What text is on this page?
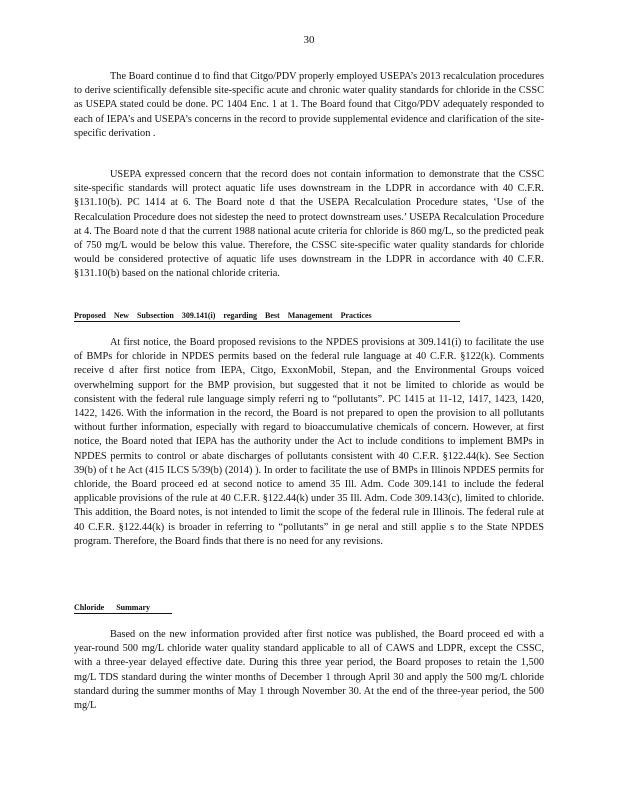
30

The Board continue d to find that Citgo/PDV properly employed USEPA’s 2013 recalculation procedures to derive scientifically defensible site-specific acute and chronic water quality standards for chloride in the CSSC as USEPA stated could be done. PC 1404 Enc. 1 at 1. The Board found that Citgo/PDV adequately responded to each of IEPA’s and USEPA’s concerns in the record to provide supplemental evidence and clarification of the site-specific derivation .

USEPA expressed concern that the record does not contain information to demonstrate that the CSSC site-specific standards will protect aquatic life uses downstream in the LDPR in accordance with 40 C.F.R. §131.10(b). PC 1414 at 6. The Board note d that the USEPA Recalculation Procedure states, ‘Use of the Recalculation Procedure does not sidestep the need to protect downstream uses.’ USEPA Recalculation Procedure at 4. The Board note d that the current 1988 national acute criteria for chloride is 860 mg/L, so the predicted peak of 750 mg/L would be below this value. Therefore, the CSSC site-specific water quality standards for chloride would be considered protective of aquatic life uses downstream in the LDPR in accordance with 40 C.F.R. §131.10(b) based on the national chloride criteria.

Proposed New Subsection 309.141(i) regarding Best Management Practices

At first notice, the Board proposed revisions to the NPDES provisions at 309.141(i) to facilitate the use of BMPs for chloride in NPDES permits based on the federal rule language at 40 C.F.R. §122(k). Comments receive d after first notice from IEPA, Citgo, ExxonMobil, Stepan, and the Environmental Groups voiced overwhelming support for the BMP provision, but suggested that it not be limited to chloride as would be consistent with the federal rule language simply referri ng to “pollutants”. PC 1415 at 11-12, 1417, 1423, 1420, 1422, 1426. With the information in the record, the Board is not prepared to open the provision to all pollutants without further information, especially with regard to bioaccumulative chemicals of concern. However, at first notice, the Board noted that IEPA has the authority under the Act to include conditions to implement BMPs in NPDES permits to control or abate discharges of pollutants consistent with 40 C.F.R. §122.44(k). See Section 39(b) of t he Act (415 ILCS 5/39(b) (2014) ). In order to facilitate the use of BMPs in Illinois NPDES permits for chloride, the Board proceed ed at second notice to amend 35 Ill. Adm. Code 309.141 to include the federal applicable provisions of the rule at 40 C.F.R. §122.44(k) under 35 Ill. Adm. Code 309.143(c), limited to chloride. This addition, the Board notes, is not intended to limit the scope of the federal rule in Illinois. The federal rule at 40 C.F.R. §122.44(k) is broader in referring to “pollutants” in ge neral and still applie s to the State NPDES program. Therefore, the Board finds that there is no need for any revisions.

Chloride Summary

Based on the new information provided after first notice was published, the Board proceed ed with a year-round 500 mg/L chloride water quality standard applicable to all of CAWS and LDPR, except the CSSC, with a three-year delayed effective date. During this three year period, the Board proposes to retain the 1,500 mg/L TDS standard during the winter months of December 1 through April 30 and apply the 500 mg/L chloride standard during the summer months of May 1 through November 30. At the end of the three-year period, the 500 mg/L
